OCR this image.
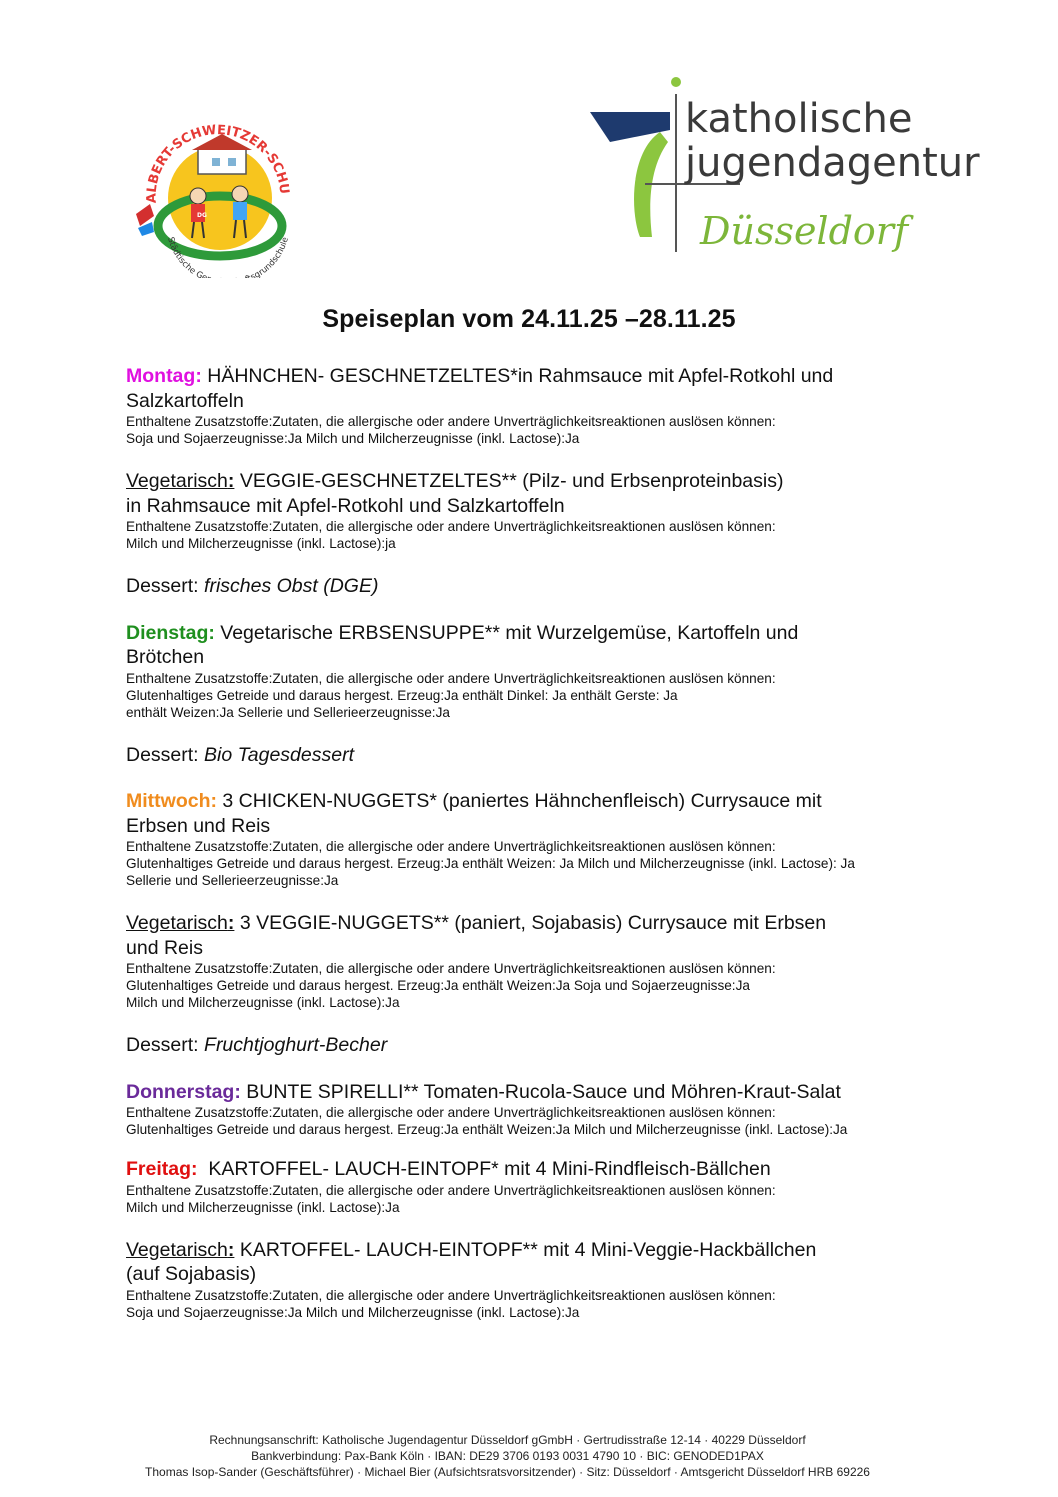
DG
ALBERT-SCHWEITZER-SCHU
Städtische Ge sgrundschule
katholische
jugendagentur
Düsseldorf
Speiseplan vom 24.11.25 –28.11.25
Montag: HÄHNCHEN- GESCHNETZELTES*in Rahmsauce mit Apfel-Rotkohl und
Salzkartoffeln
Enthaltene Zusatzstoffe:Zutaten, die allergische oder andere Unverträglichkeitsreaktionen auslösen können:
Soja und Sojaerzeugnisse:Ja Milch und Milcherzeugnisse (inkl. Lactose):Ja
Vegetarisch: VEGGIE-GESCHNETZELTES** (Pilz- und Erbsenproteinbasis)
in Rahmsauce mit Apfel-Rotkohl und Salzkartoffeln
Enthaltene Zusatzstoffe:Zutaten, die allergische oder andere Unverträglichkeitsreaktionen auslösen können:
Milch und Milcherzeugnisse (inkl. Lactose):ja
Dessert: frisches Obst (DGE)
Dienstag: Vegetarische ERBSENSUPPE** mit Wurzelgemüse, Kartoffeln und
Brötchen
Enthaltene Zusatzstoffe:Zutaten, die allergische oder andere Unverträglichkeitsreaktionen auslösen können:
Glutenhaltiges Getreide und daraus hergest. Erzeug:Ja enthält Dinkel: Ja enthält Gerste: Ja
enthält Weizen:Ja Sellerie und Sellerieerzeugnisse:Ja
Dessert: Bio Tagesdessert
Mittwoch: 3 CHICKEN-NUGGETS* (paniertes Hähnchenfleisch) Currysauce mit
Erbsen und Reis
Enthaltene Zusatzstoffe:Zutaten, die allergische oder andere Unverträglichkeitsreaktionen auslösen können:
Glutenhaltiges Getreide und daraus hergest. Erzeug:Ja enthält Weizen: Ja Milch und Milcherzeugnisse (inkl. Lactose): Ja
Sellerie und Sellerieerzeugnisse:Ja
Vegetarisch: 3 VEGGIE-NUGGETS** (paniert, Sojabasis) Currysauce mit Erbsen
und Reis
Enthaltene Zusatzstoffe:Zutaten, die allergische oder andere Unverträglichkeitsreaktionen auslösen können:
Glutenhaltiges Getreide und daraus hergest. Erzeug:Ja enthält Weizen:Ja Soja und Sojaerzeugnisse:Ja
Milch und Milcherzeugnisse (inkl. Lactose):Ja
Dessert: Fruchtjoghurt-Becher
Donnerstag: BUNTE SPIRELLI** Tomaten-Rucola-Sauce und Möhren-Kraut-Salat
Enthaltene Zusatzstoffe:Zutaten, die allergische oder andere Unverträglichkeitsreaktionen auslösen können:
Glutenhaltiges Getreide und daraus hergest. Erzeug:Ja enthält Weizen:Ja Milch und Milcherzeugnisse (inkl. Lactose):Ja
Freitag:  KARTOFFEL- LAUCH-EINTOPF* mit 4 Mini-Rindfleisch-Bällchen
Enthaltene Zusatzstoffe:Zutaten, die allergische oder andere Unverträglichkeitsreaktionen auslösen können:
Milch und Milcherzeugnisse (inkl. Lactose):Ja
Vegetarisch: KARTOFFEL- LAUCH-EINTOPF** mit 4 Mini-Veggie-Hackbällchen
(auf Sojabasis)
Enthaltene Zusatzstoffe:Zutaten, die allergische oder andere Unverträglichkeitsreaktionen auslösen können:
Soja und Sojaerzeugnisse:Ja Milch und Milcherzeugnisse (inkl. Lactose):Ja
Rechnungsanschrift: Katholische Jugendagentur Düsseldorf gGmbH · Gertrudisstraße 12-14 · 40229 Düsseldorf
Bankverbindung: Pax-Bank Köln · IBAN: DE29 3706 0193 0031 4790 10 · BIC: GENODED1PAX
Thomas Isop-Sander (Geschäftsführer) · Michael Bier (Aufsichtsratsvorsitzender) · Sitz: Düsseldorf · Amtsgericht Düsseldorf HRB 69226
